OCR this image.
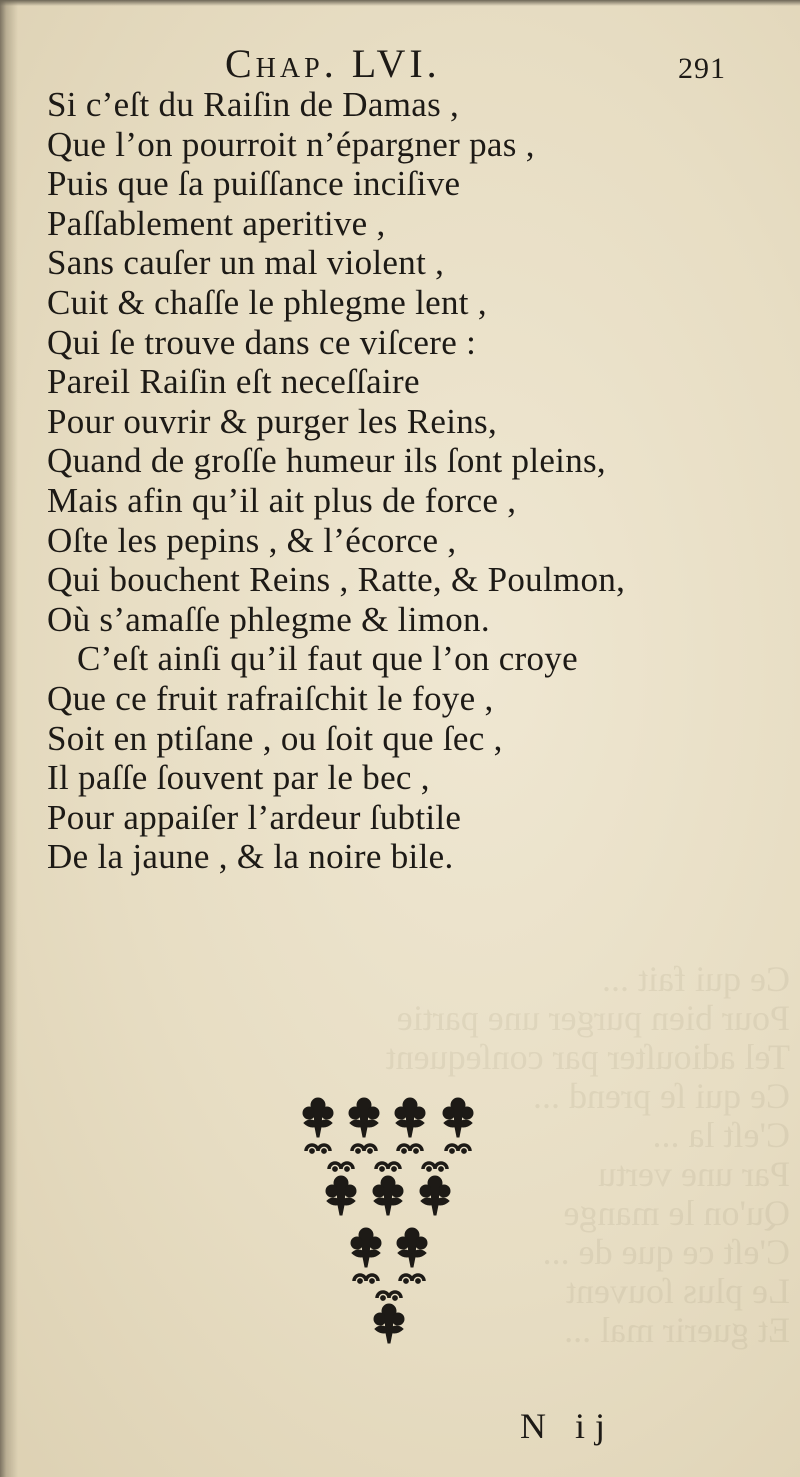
Ce qui fait ...
Pour bien purger une partie
Tel adiouſter par conſequent
Ce qui ſe prend ...
C'eſt la ...
Par une vertu
Qu'on le mange
C'eſt ce que de ...
Le plus ſouvent
Et guerir mal ...
Chap. LVI.	291
Si c’eſt du Raiſin de Damas ,
Que l’on pourroit n’épargner pas ,
Puis que ſa puiſſance inciſive
Paſſablement aperitive ,
Sans cauſer un mal violent ,
Cuit & chaſſe le phlegme lent ,
Qui ſe trouve dans ce viſcere :
Pareil Raiſin eſt neceſſaire
Pour ouvrir & purger les Reins,
Quand de groſſe humeur ils ſont pleins,
Mais afin qu’il ait plus de force ,
Oſte les pepins , & l’écorce ,
Qui bouchent Reins , Ratte, & Poulmon,
Où s’amaſſe phlegme & limon.
C’eſt ainſi qu’il faut que l’on croye
Que ce fruit rafraiſchit le foye ,
Soit en ptiſane , ou ſoit que ſec ,
Il paſſe ſouvent par le bec ,
Pour appaiſer l’ardeur ſubtile
De la jaune , & la noire bile.
N ij
